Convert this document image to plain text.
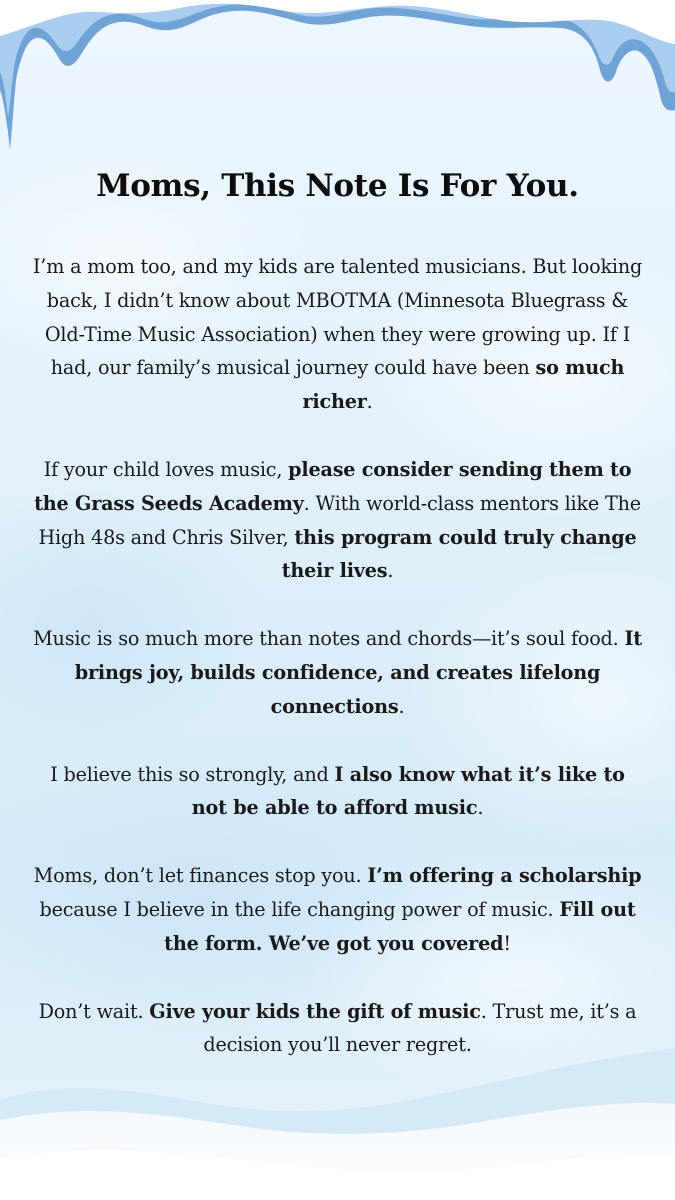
Moms, This Note Is For You.

I’m a mom too, and my kids are talented musicians. But looking back, I didn’t know about MBOTMA (Minnesota Bluegrass & Old-Time Music Association) when they were growing up. If I had, our family’s musical journey could have been so much richer.

If your child loves music, please consider sending them to the Grass Seeds Academy. With world-class mentors like The High 48s and Chris Silver, this program could truly change their lives.

Music is so much more than notes and chords—it’s soul food. It brings joy, builds confidence, and creates lifelong connections.

I believe this so strongly, and I also know what it’s like to not be able to afford music.

Moms, don’t let finances stop you. I’m offering a scholarship because I believe in the life changing power of music. Fill out the form. We’ve got you covered!

Don’t wait. Give your kids the gift of music. Trust me, it’s a decision you’ll never regret.
